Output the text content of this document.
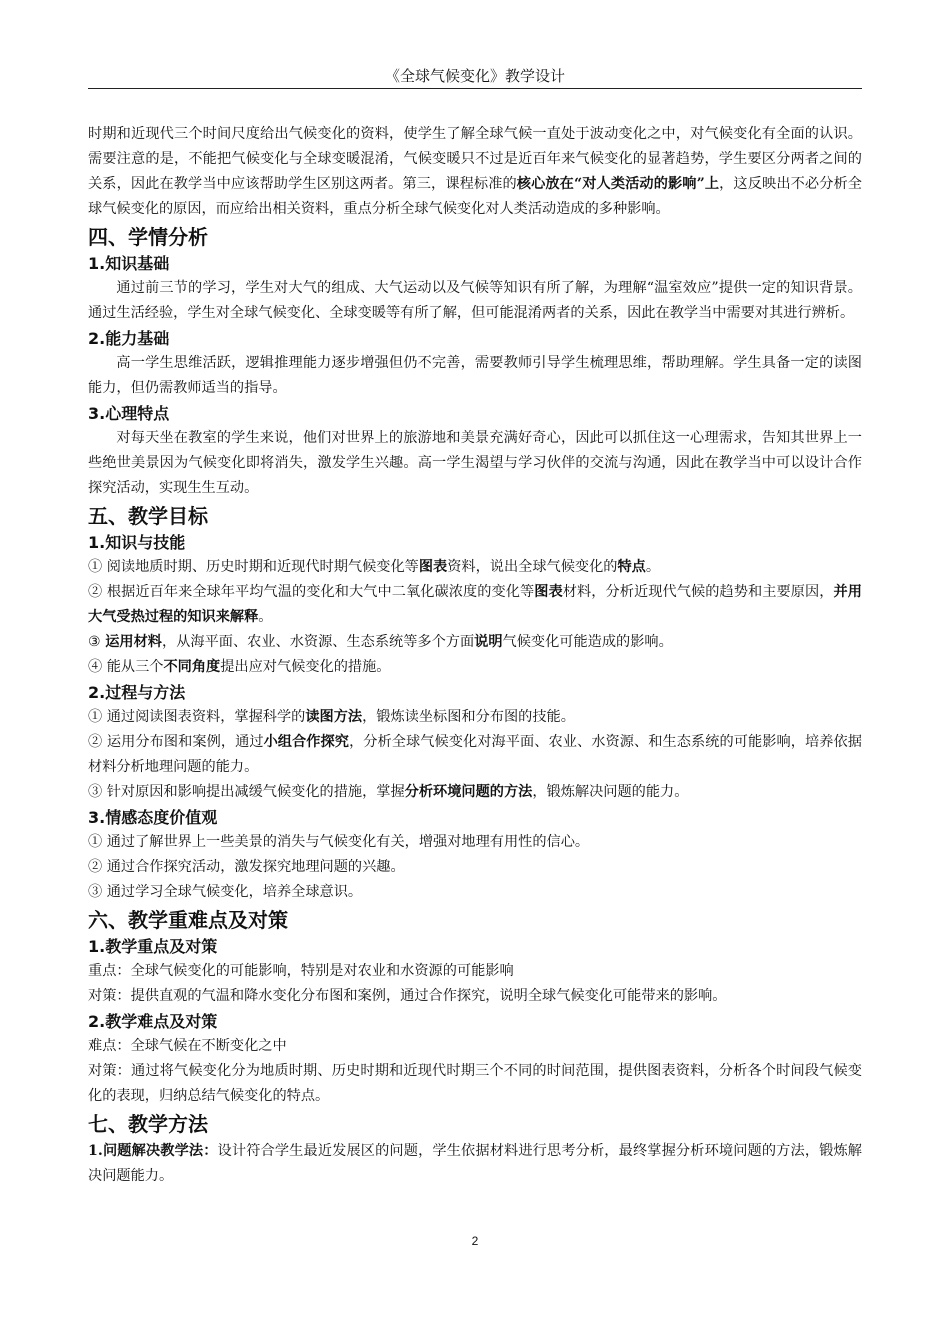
《全球气候变化》教学设计

时期和近现代三个时间尺度给出气候变化的资料，使学生了解全球气候一直处于波动变化之中，对气候变化有全面的认识。需要注意的是，不能把气候变化与全球变暖混淆，气候变暖只不过是近百年来气候变化的显著趋势，学生要区分两者之间的关系，因此在教学当中应该帮助学生区别这两者。第三，课程标准的核心放在“对人类活动的影响”上，这反映出不必分析全球气候变化的原因，而应给出相关资料，重点分析全球气候变化对人类活动造成的多种影响。

四、学情分析
1.知识基础

通过前三节的学习，学生对大气的组成、大气运动以及气候等知识有所了解，为理解“温室效应”提供一定的知识背景。通过生活经验，学生对全球气候变化、全球变暖等有所了解，但可能混淆两者的关系，因此在教学当中需要对其进行辨析。

2.能力基础

高一学生思维活跃，逻辑推理能力逐步增强但仍不完善，需要教师引导学生梳理思维，帮助理解。学生具备一定的读图能力，但仍需教师适当的指导。

3.心理特点

对每天坐在教室的学生来说，他们对世界上的旅游地和美景充满好奇心，因此可以抓住这一心理需求，告知其世界上一些绝世美景因为气候变化即将消失，激发学生兴趣。高一学生渴望与学习伙伴的交流与沟通，因此在教学当中可以设计合作探究活动，实现生生互动。

五、教学目标
1.知识与技能

① 阅读地质时期、历史时期和近现代时期气候变化等图表资料，说出全球气候变化的特点。

② 根据近百年来全球年平均气温的变化和大气中二氧化碳浓度的变化等图表材料，分析近现代气候的趋势和主要原因，并用大气受热过程的知识来解释。

③ 运用材料，从海平面、农业、水资源、生态系统等多个方面说明气候变化可能造成的影响。

④ 能从三个不同角度提出应对气候变化的措施。

2.过程与方法

① 通过阅读图表资料，掌握科学的读图方法，锻炼读坐标图和分布图的技能。

② 运用分布图和案例，通过小组合作探究，分析全球气候变化对海平面、农业、水资源、和生态系统的可能影响，培养依据材料分析地理问题的能力。

③ 针对原因和影响提出减缓气候变化的措施，掌握分析环境问题的方法，锻炼解决问题的能力。

3.情感态度价值观

① 通过了解世界上一些美景的消失与气候变化有关，增强对地理有用性的信心。

② 通过合作探究活动，激发探究地理问题的兴趣。

③ 通过学习全球气候变化，培养全球意识。

六、教学重难点及对策
1.教学重点及对策

重点：全球气候变化的可能影响，特别是对农业和水资源的可能影响

对策：提供直观的气温和降水变化分布图和案例，通过合作探究，说明全球气候变化可能带来的影响。

2.教学难点及对策

难点：全球气候在不断变化之中

对策：通过将气候变化分为地质时期、历史时期和近现代时期三个不同的时间范围，提供图表资料，分析各个时间段气候变化的表现，归纳总结气候变化的特点。

七、教学方法

1.问题解决教学法：设计符合学生最近发展区的问题，学生依据材料进行思考分析，最终掌握分析环境问题的方法，锻炼解决问题能力。

2
